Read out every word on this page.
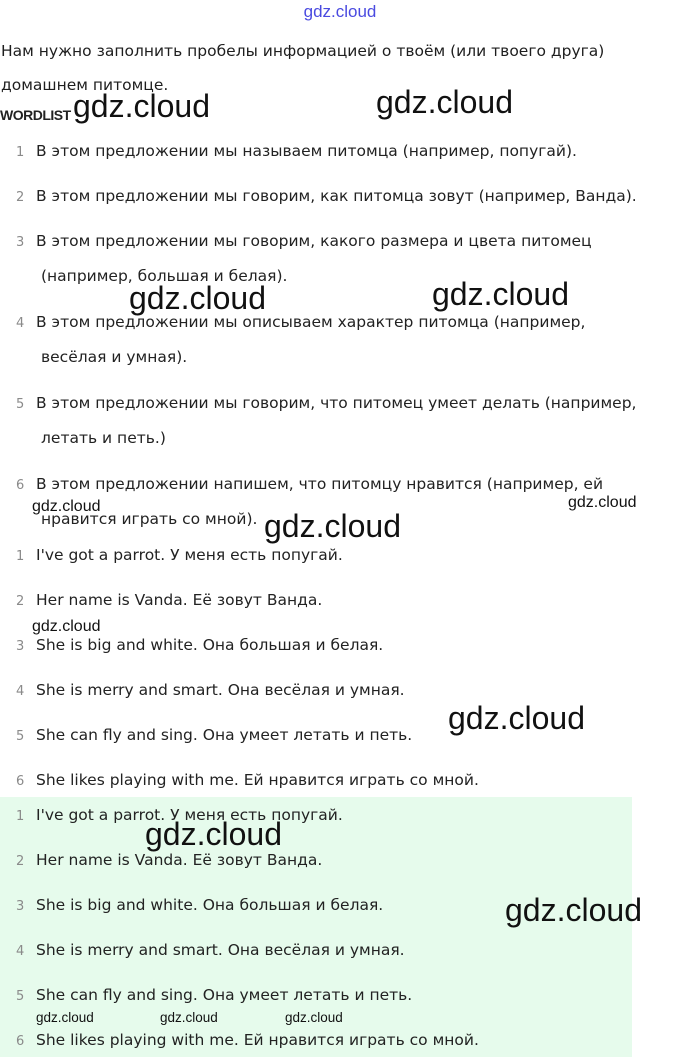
gdz.cloud
Нам нужно заполнить пробелы информацией о твоём (или твоего друга) домашнем питомце.
WORDLIST
1 В этом предложении мы называем питомца (например, попугай).
2 В этом предложении мы говорим, как питомца зовут (например, Ванда).
3 В этом предложении мы говорим, какого размера и цвета питомец
(например, большая и белая).
4 В этом предложении мы описываем характер питомца (например,
весёлая и умная).
5 В этом предложении мы говорим, что питомец умеет делать (например,
летать и петь.)
6 В этом предложении напишем, что питомцу нравится (например, ей
нравится играть со мной).
1 I've got a parrot. У меня есть попугай.
2 Her name is Vanda. Её зовут Ванда.
3 She is big and white. Она большая и белая.
4 She is merry and smart. Она весёлая и умная.
5 She can fly and sing. Она умеет летать и петь.
6 She likes playing with me. Ей нравится играть со мной.
1 I've got a parrot. У меня есть попугай.
2 Her name is Vanda. Её зовут Ванда.
3 She is big and white. Она большая и белая.
4 She is merry and smart. Она весёлая и умная.
5 She can fly and sing. Она умеет летать и петь.
6 She likes playing with me. Ей нравится играть со мной.
gdz.cloud	gdz.cloud
gdz.cloud	gdz.cloud
gdz.cloud	gdz.cloud
gdz.cloud
gdz.cloud
gdz.cloud
gdz.cloud
gdz.cloud
gdz.cloud	gdz.cloud	gdz.cloud
